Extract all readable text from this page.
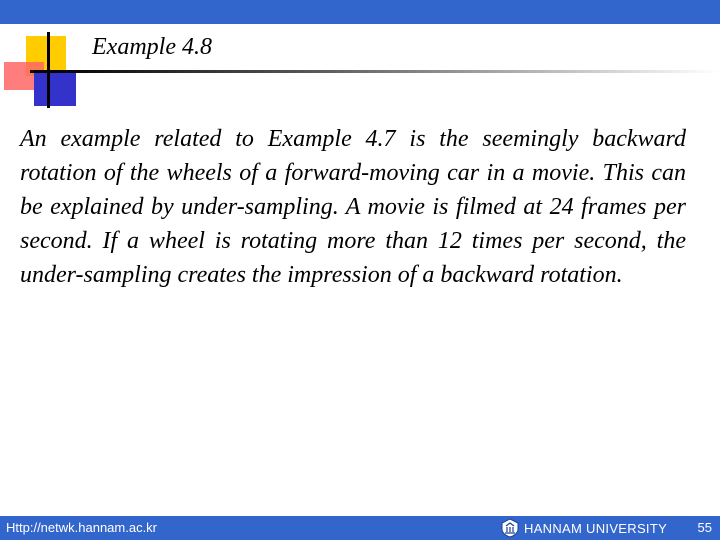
Example 4.8

An example related to Example 4.7 is the seemingly backward rotation of the wheels of a forward-moving car in a movie. This can be explained by under-sampling. A movie is filmed at 24 frames per second. If a wheel is rotating more than 12 times per second, the under-sampling creates the impression of a backward rotation.

Http://netwk.hannam.ac.kr	HANNAM UNIVERSITY 55
